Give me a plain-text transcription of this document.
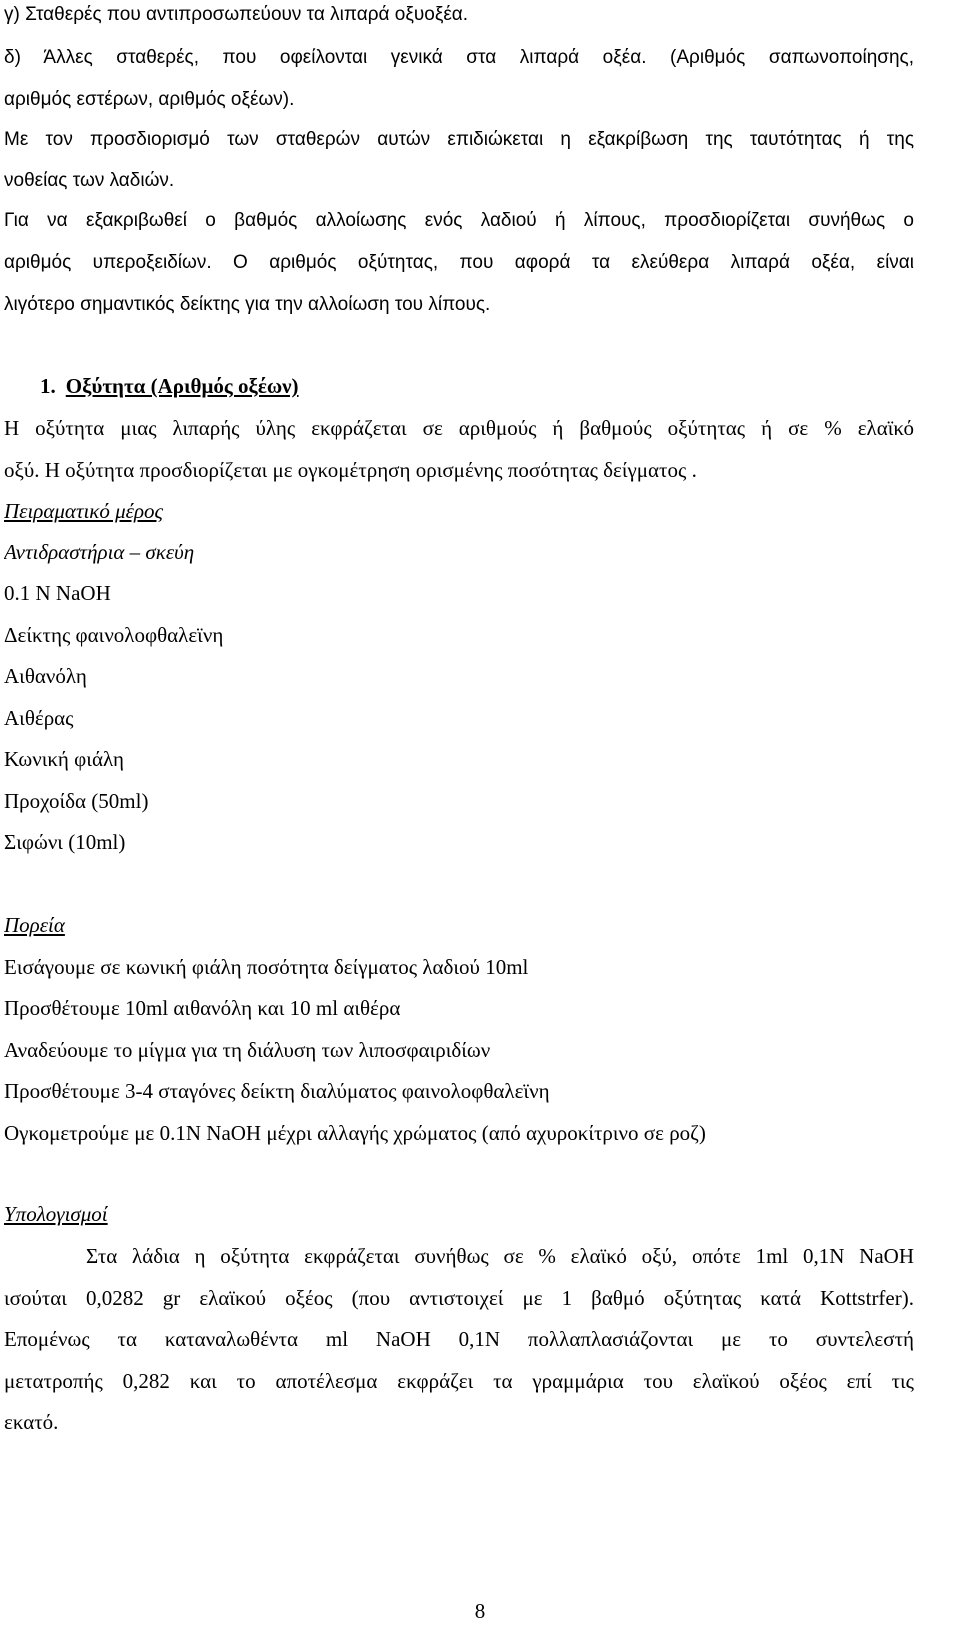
γ) Σταθερές που αντιπροσωπεύουν τα λιπαρά οξυοξέα.

δ) Άλλες σταθερές, που οφείλονται γενικά στα λιπαρά οξέα. (Αριθμός σαπωνοποίησης,

αριθμός εστέρων, αριθμός οξέων).

Με τον προσδιορισμό των σταθερών αυτών επιδιώκεται η εξακρίβωση της ταυτότητας ή της

νοθείας των λαδιών.

Για να εξακριβωθεί ο βαθμός αλλοίωσης ενός λαδιού ή λίπους, προσδιορίζεται συνήθως ο

αριθμός υπεροξειδίων. Ο αριθμός οξύτητας, που αφορά τα ελεύθερα λιπαρά οξέα, είναι

λιγότερο σημαντικός δείκτης για την αλλοίωση του λίπους.

1. Οξύτητα (Αριθμός οξέων)

Η οξύτητα μιας λιπαρής ύλης εκφράζεται σε αριθμούς ή βαθμούς οξύτητας ή σε % ελαϊκό

οξύ. Η οξύτητα προσδιορίζεται με ογκομέτρηση ορισμένης ποσότητας δείγματος .

Πειραματικό μέρος

Αντιδραστήρια – σκεύη

0.1 N NaOH

Δείκτης φαινολοφθαλεϊνη

Αιθανόλη

Αιθέρας

Κωνική φιάλη

Προχοίδα (50ml)

Σιφώνι (10ml)

Πορεία

Εισάγουμε σε κωνική φιάλη ποσότητα δείγματος λαδιού 10ml

Προσθέτουμε 10ml αιθανόλη και 10 ml αιθέρα

Αναδεύουμε το μίγμα για τη διάλυση των λιποσφαιριδίων

Προσθέτουμε 3-4 σταγόνες δείκτη διαλύματος φαινολοφθαλεϊνη

Ογκομετρούμε με 0.1N NaOH μέχρι αλλαγής χρώματος (από αχυροκίτρινο σε ροζ)

Υπολογισμοί

Στα λάδια η οξύτητα εκφράζεται συνήθως σε % ελαϊκό οξύ, οπότε 1ml 0,1N NaOH

ισούται 0,0282 gr ελαϊκού οξέος (που αντιστοιχεί με 1 βαθμό οξύτητας κατά Kottstrfer).

Επομένως τα καταναλωθέντα ml NaOH 0,1N πολλαπλασιάζονται με το συντελεστή

μετατροπής 0,282 και το αποτέλεσμα εκφράζει τα γραμμάρια του ελαϊκού οξέος επί τις

εκατό.

8
